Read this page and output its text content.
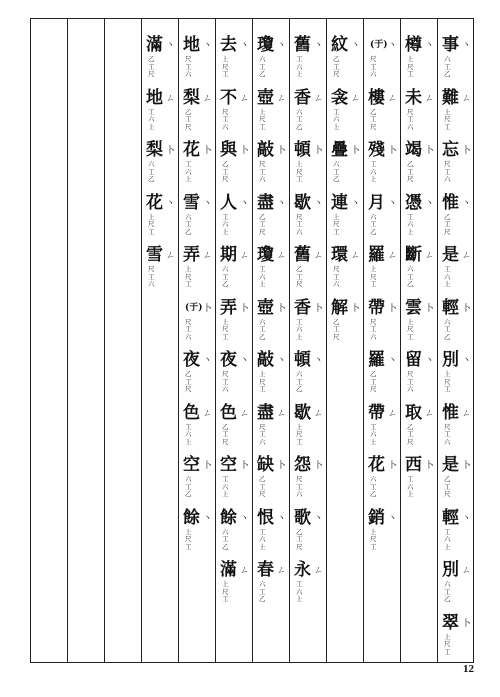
滿
乙
工
尺
丶
地
工
六
上
ㄥ
梨
六
工
乙
卜
花
上
尺
工
丶
雪
尺
工
六
ㄥ
地
尺
工
六
丶
梨
乙
工
尺
ㄥ
花
工
六
上
卜
雪
六
工
乙
丶
弄
上
尺
工
ㄥ
(于)
尺
工
六
卜
夜
乙
工
尺
丶
色
工
六
上
ㄥ
空
六
工
乙
卜
餘
上
尺
工
丶
去
上
尺
工
丶
不
尺
工
六
ㄥ
與
乙
工
尺
卜
人
工
六
上
丶
期
六
工
乙
ㄥ
弄
上
尺
工
卜
夜
尺
工
六
丶
色
乙
工
尺
ㄥ
空
工
六
上
卜
餘
六
工
乙
丶
滿
上
尺
工
ㄥ
瓊
六
工
乙
丶
壺
上
尺
工
ㄥ
敲
尺
工
六
卜
盡
乙
工
尺
丶
瓊
工
六
上
ㄥ
壺
六
工
乙
卜
敲
上
尺
工
丶
盡
尺
工
六
ㄥ
缺
乙
工
尺
卜
恨
工
六
上
丶
春
六
工
乙
ㄥ
舊
工
六
上
丶
香
六
工
乙
ㄥ
頓
上
尺
工
卜
歇
尺
工
六
丶
舊
乙
工
尺
ㄥ
香
工
六
上
卜
頓
六
工
乙
丶
歇
上
尺
工
ㄥ
怨
尺
工
六
卜
歌
乙
工
尺
丶
永
工
六
上
ㄥ
紋
乙
工
尺
丶
衾
工
六
上
ㄥ
疊
六
工
乙
卜
連
上
尺
工
丶
環
尺
工
六
ㄥ
解
乙
工
尺
卜
(于)
尺
工
六
丶
樓
乙
工
尺
ㄥ
殘
工
六
上
卜
月
六
工
乙
丶
羅
上
尺
工
ㄥ
帶
尺
工
六
卜
羅
乙
工
尺
丶
帶
工
六
上
ㄥ
花
六
工
乙
卜
銷
上
尺
工
丶
樽
上
尺
工
丶
未
尺
工
六
ㄥ
竭
乙
工
尺
卜
憑
工
六
上
丶
斷
六
工
乙
ㄥ
雲
上
尺
工
卜
留
尺
工
六
丶
取
乙
工
尺
ㄥ
西
工
六
上
卜
事
六
工
乙
丶
難
上
尺
工
ㄥ
忘
尺
工
六
卜
惟
乙
工
尺
丶
是
工
六
上
ㄥ
輕
六
工
乙
卜
別
上
尺
工
丶
惟
尺
工
六
ㄥ
是
乙
工
尺
卜
輕
工
六
上
丶
別
六
工
乙
ㄥ
翠
上
尺
工
卜
12
